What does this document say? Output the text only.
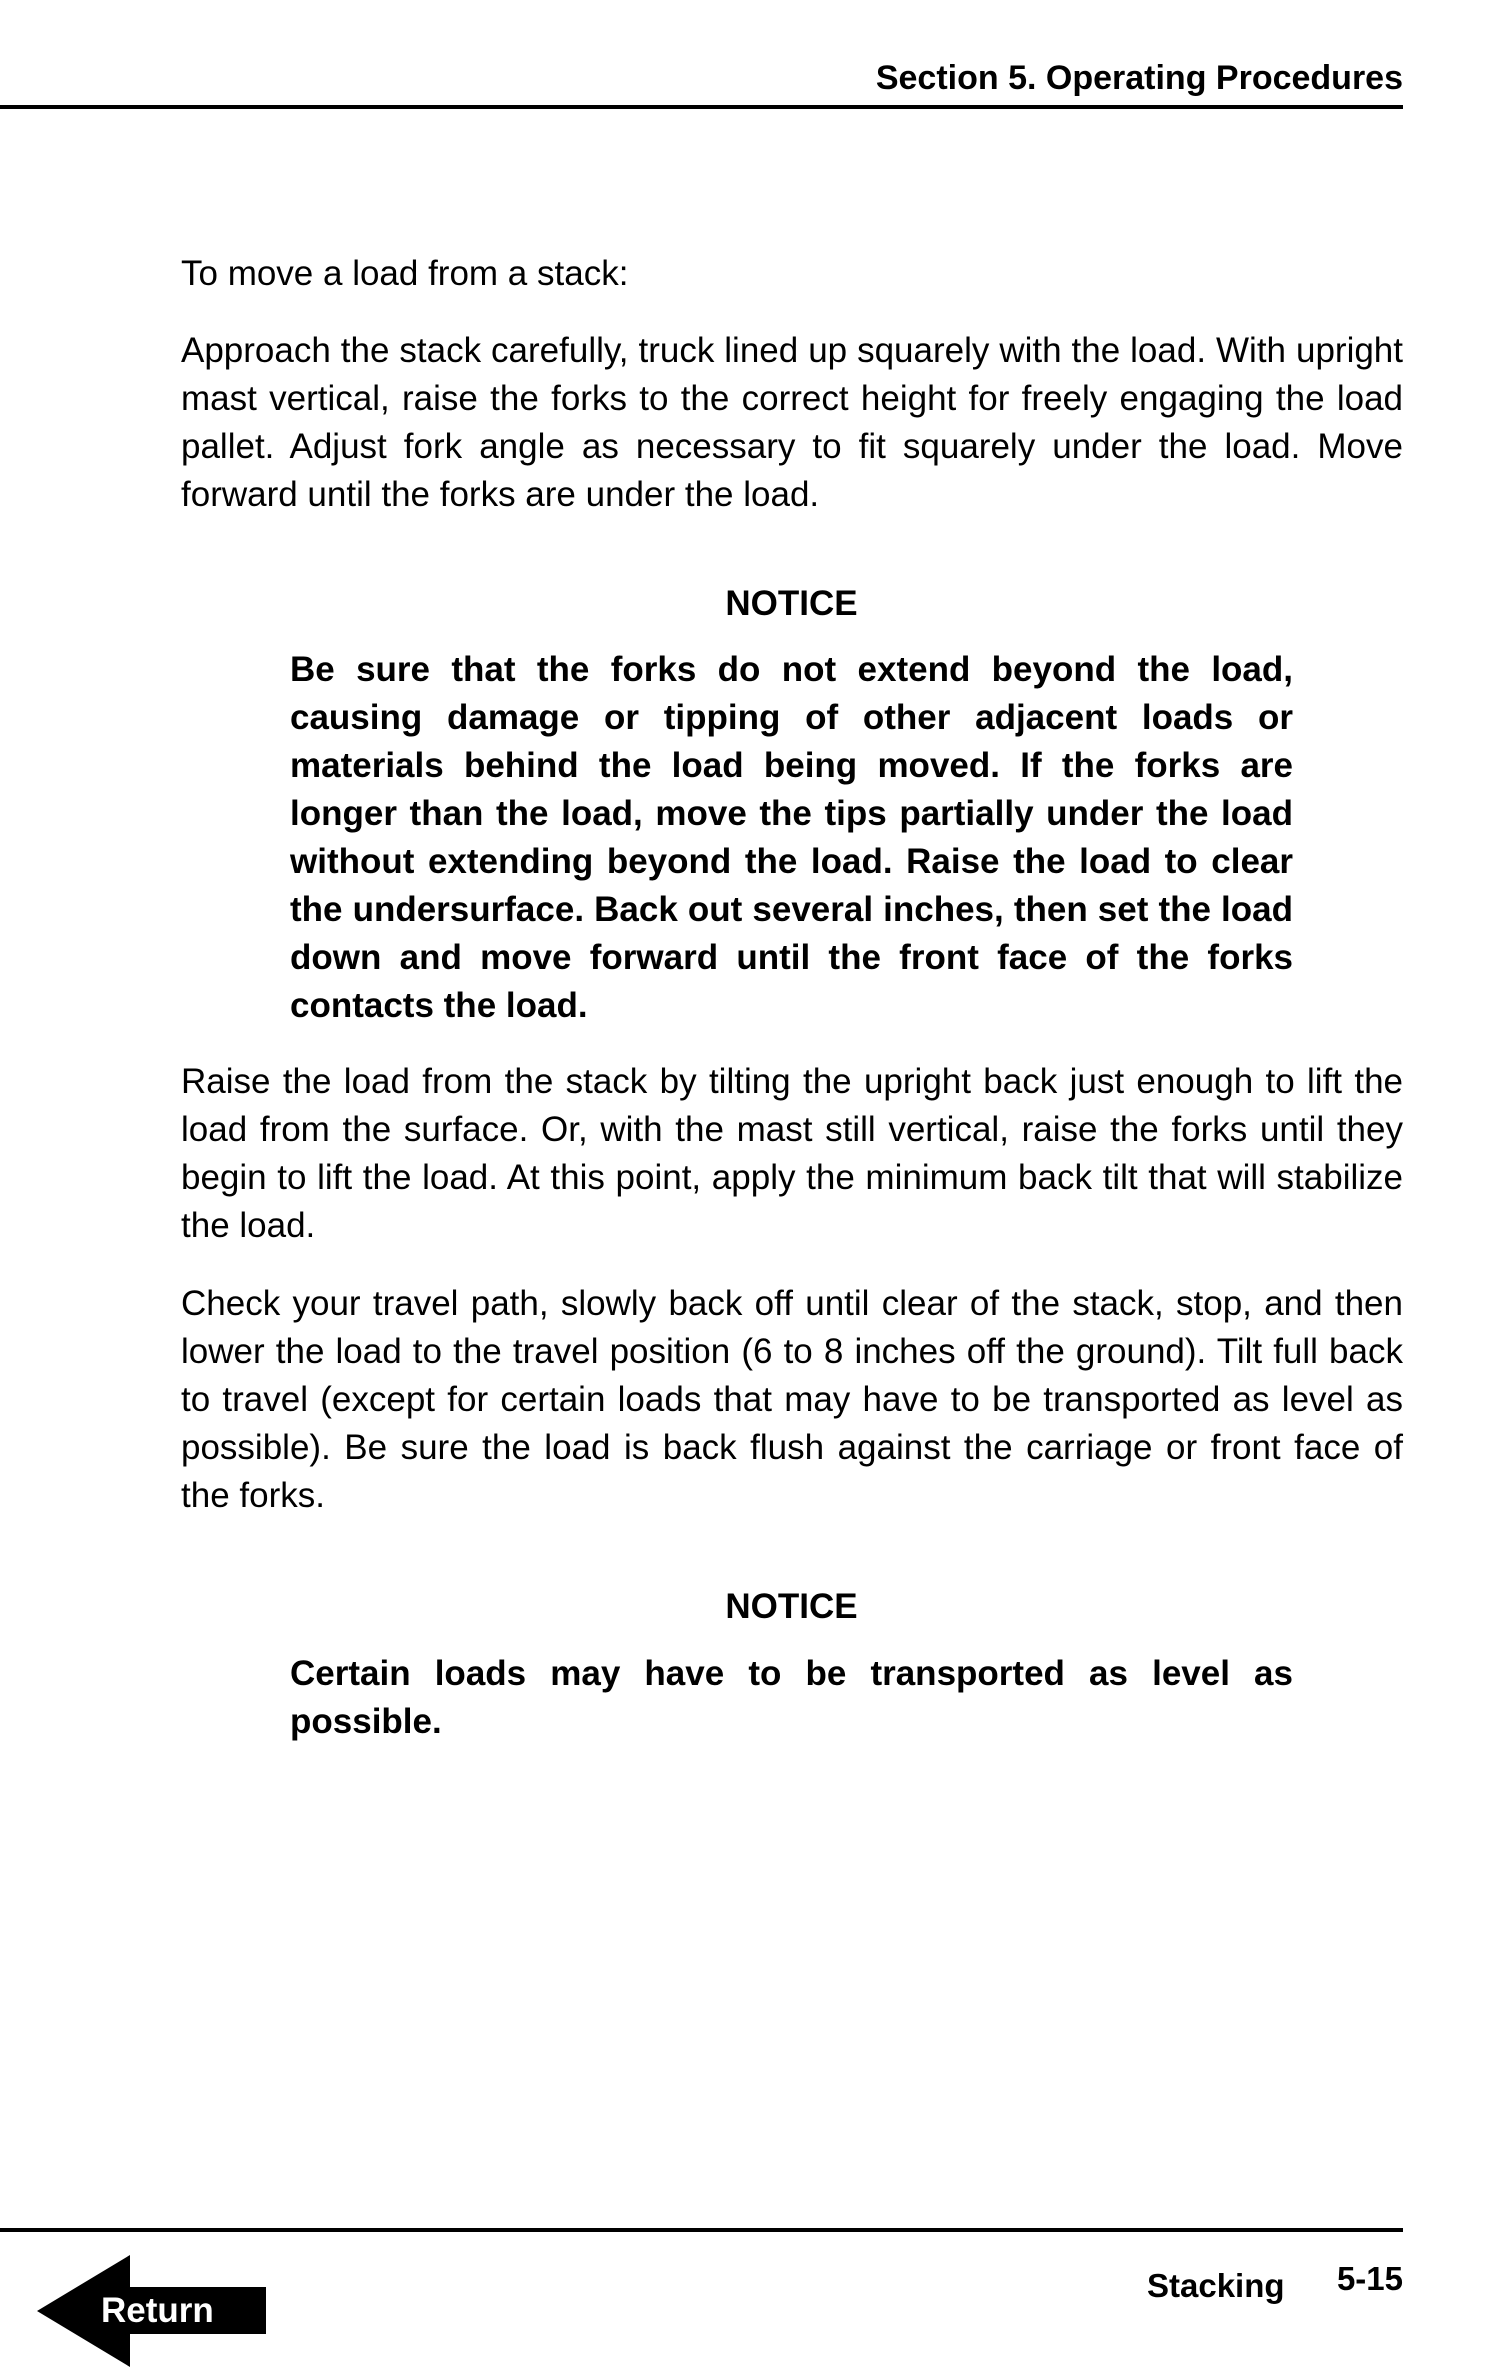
Section 5. Operating Procedures

To move a load from a stack:

Approach the stack carefully, truck lined up squarely with the load. With upright mast vertical, raise the forks to the correct height for freely engaging the load pallet. Adjust fork angle as necessary to fit squarely under the load. Move forward until the forks are under the load.

NOTICE

Be sure that the forks do not extend beyond the load, causing damage or tipping of other adjacent loads or materials behind the load being moved. If the forks are longer than the load, move the tips partially under the load without extending beyond the load. Raise the load to clear the undersurface. Back out several inches, then set the load down and move forward until the front face of the forks contacts the load.

Raise the load from the stack by tilting the upright back just enough to lift the load from the surface. Or, with the mast still vertical, raise the forks until they begin to lift the load. At this point, apply the minimum back tilt that will stabilize the load.

Check your travel path, slowly back off until clear of the stack, stop, and then lower the load to the travel position (6 to 8 inches off the ground). Tilt full back to travel (except for certain loads that may have to be transported as level as possible). Be sure the load is back flush against the carriage or front face of the forks.

NOTICE

Certain loads may have to be transported as level as possible.

Return
Stacking 5-15
